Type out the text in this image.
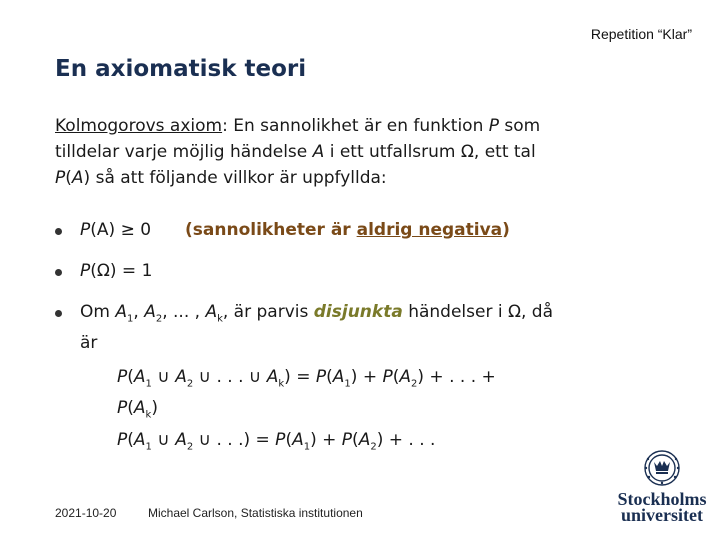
Repetition “Klar”
En axiomatisk teori
Kolmogorovs axiom: En sannolikhet är en funktion P som
tilldelar varje möjlig händelse A i ett utfallsrum Ω, ett tal
P(A) så att följande villkor är uppfyllda:
P(A) ≥ 0 (sannolikheter är aldrig negativa)
P(Ω) = 1
Om $A_1$, $A_2$, ... , $A_k$, är parvis disjunkta händelser i Ω, då
är
$P(A_1$ ∪ $A_2$ ∪ . . . ∪ $A_k) = P(A_1) + P(A_2)$ + . . . +
$P(A_k)$
$P(A_1$ ∪ $A_2$ ∪ . . .) = $P(A_1) + P(A_2)$ + . . .
2021-10-20	Michael Carlson, Statistiska institutionen
Stockholms
universitet
